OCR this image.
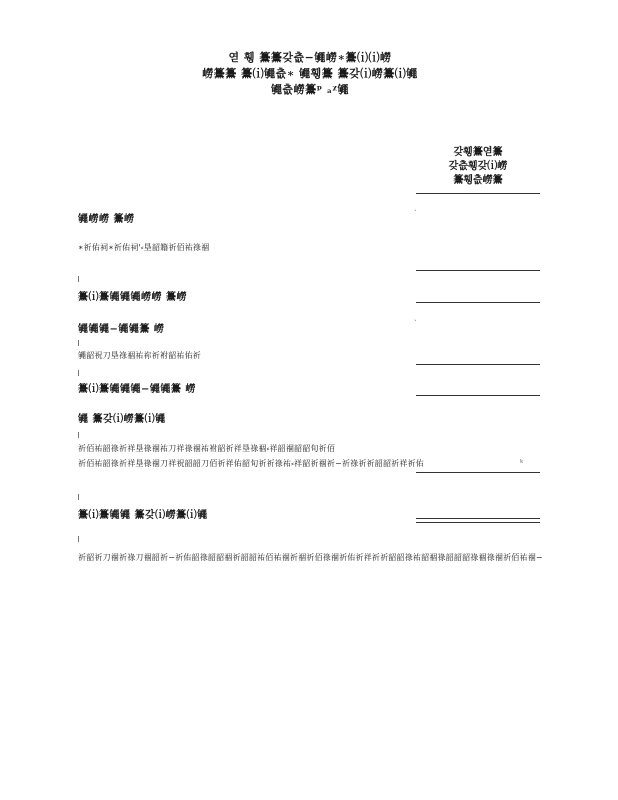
엳 휑 䵵䵵갖츲−䵶嶗∗䵵⒤⒤嶗
嶗䵵䵵 䵵⒤䵶츲∗ 䵶휑䵵 䵵갖⒤嶗䵵⒤䵶
䵶츲嶗䵵ᵖ ₐᵡ䵶
갖휑䵵엳䵵
갖츲휑갖⒤嶗
䵵휑츲嶗䵵
䵶嶗嶗 䵵嶗
ˎ
∗祈佑祠∗祈佑祠'⸗垦韶籍祈佰祐祿祻
䵵⒤䵵䵶䵶䵶嶗嶗 䵵嶗
䵶䵶䵶−䵶䵶䵵 嶗
ˎ
䵶韶祝刀垦祿祻祐祢祈祔韶祐佑祈
䵵⒤䵵䵶䵶䵶−䵶䵶䵵 嶗
䵶 䵵갖⒤嶗䵵⒤䵶
祈佰祐韶祿祈祥垦祿祻祐刀祥祿祻祐祔韶祈祥垦祿祻⸗祥韶祻韶韶旬祈佰
祈佰祐韶祿祈祥垦祿祻刀祥祝韶韶刀佰祈祥佑韶旬祈祈祿祐⸗祥韶祈祻祈−祈祿祈祈韶韶祈祥祈佑	ᵏ
䵵⒤䵵䵶䵶 䵵갖⒤嶗䵵⒤䵶
祈韶祈刀祻祈祿刀祻韶祈−祈佑韶祿韶韶祻祈韶韶祐佰祐祻祈祻祈佰祿祻祈佑祈祥祈祈韶韶祿祐韶祻祿韶韶韶祿祻祿祻祈佰祐祻−
